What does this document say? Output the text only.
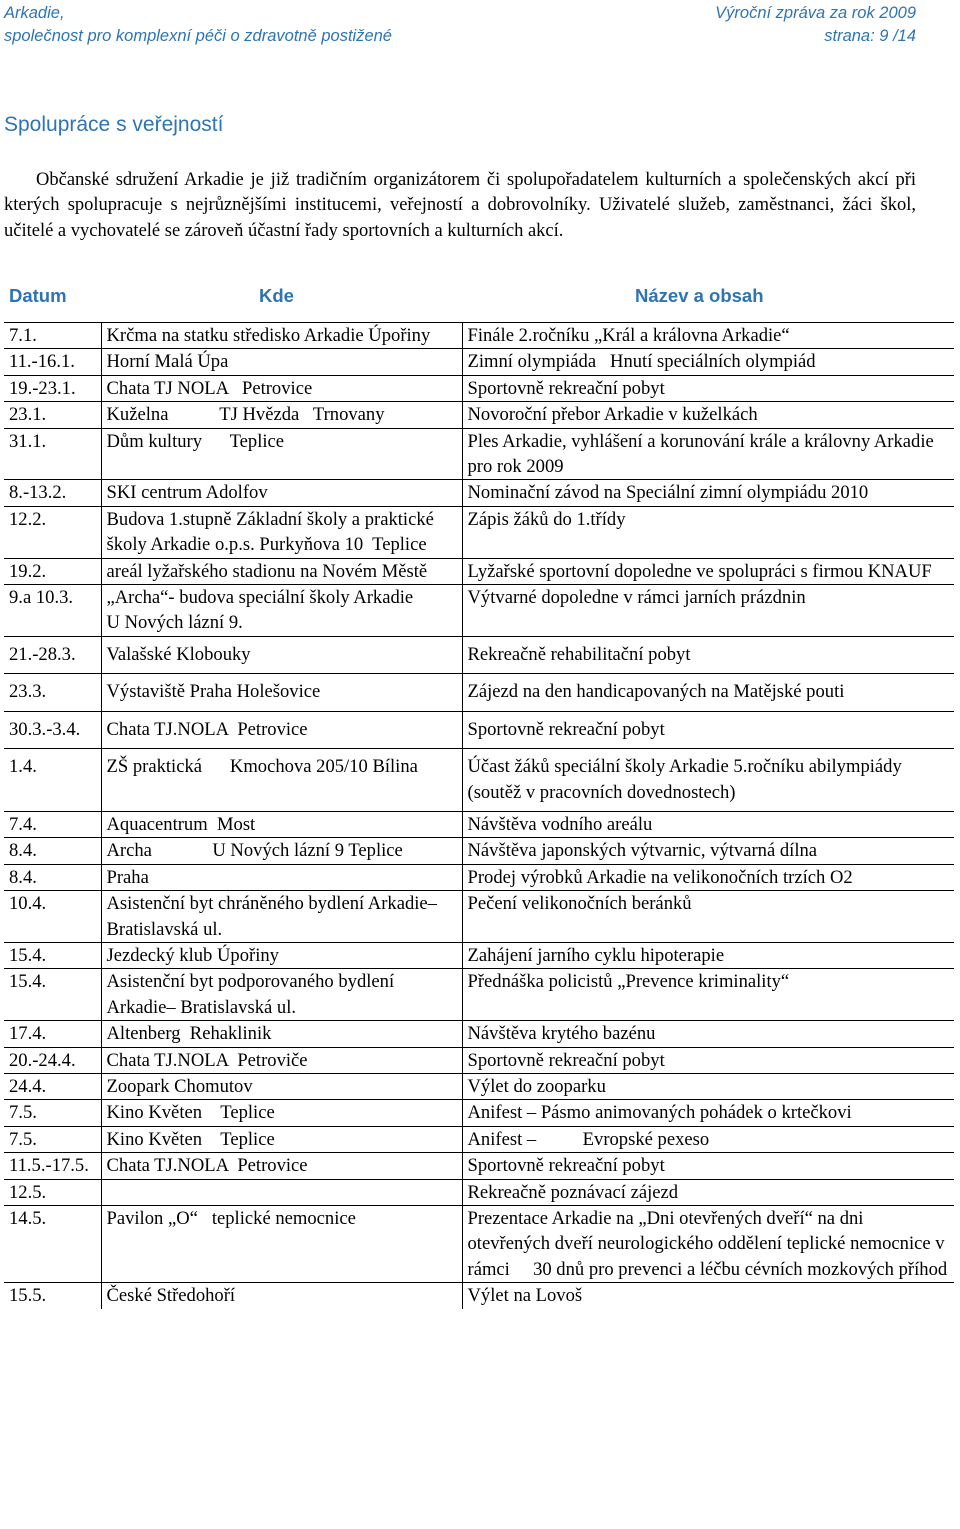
Arkadie,
společnost pro komplexní péči o zdravotně postižené
Výroční zpráva za rok 2009
strana: 9 /14
Spolupráce s veřejností

Občanské sdružení Arkadie je již tradičním organizátorem či spolupořadatelem kulturních a společenských akcí při kterých spolupracuje s nejrůznějšími institucemi, veřejností a dobrovolníky. Uživatelé služeb, zaměstnanci, žáci škol, učitelé a vychovatelé se zároveň účastní řady sportovních a kulturních akcí.

Datum	Kde	Název a obsah
7.1.	Krčma na statku středisko Arkadie Úpořiny	Finále 2.ročníku „Král a královna Arkadie“
11.-16.1.	Horní Malá Úpa	Zimní olympiáda   Hnutí speciálních olympiád
19.-23.1.	Chata TJ NOLA   Petrovice	Sportovně rekreační pobyt
23.1.	Kuželna           TJ Hvězda   Trnovany	Novoroční přebor Arkadie v kuželkách
31.1.	Dům kultury      Teplice	Ples Arkadie, vyhlášení a korunování krále a královny Arkadie pro rok 2009
8.-13.2.	SKI centrum Adolfov	Nominační závod na Speciální zimní olympiádu 2010
12.2.	Budova 1.stupně Základní školy a praktické školy Arkadie o.p.s. Purkyňova 10  Teplice	Zápis žáků do 1.třídy
19.2.	areál lyžařského stadionu na Novém Městě	Lyžařské sportovní dopoledne ve spolupráci s firmou KNAUF
9.a 10.3.	„Archa“- budova speciální školy Arkadie          U Nových lázní 9.	Výtvarné dopoledne v rámci jarních prázdnin
21.-28.3.	Valašské Klobouky	Rekreačně rehabilitační pobyt
23.3.	Výstaviště Praha Holešovice	Zájezd na den handicapovaných na Matějské pouti
30.3.-3.4.	Chata TJ.NOLA  Petrovice	Sportovně rekreační pobyt
1.4.	ZŠ praktická      Kmochova 205/10 Bílina	Účast žáků speciální školy Arkadie 5.ročníku abilympiády (soutěž v pracovních dovednostech)
7.4.	Aquacentrum  Most	Návštěva vodního areálu
8.4.	Archa             U Nových lázní 9 Teplice	Návštěva japonských výtvarnic, výtvarná dílna
8.4.	Praha	Prodej výrobků Arkadie na velikonočních trzích O2
10.4.	Asistenční byt chráněného bydlení Arkadie– Bratislavská ul.	Pečení velikonočních beránků
15.4.	Jezdecký klub Úpořiny	Zahájení jarního cyklu hipoterapie
15.4.	Asistenční byt podporovaného bydlení Arkadie– Bratislavská ul.	Přednáška policistů „Prevence kriminality“
17.4.	Altenberg  Rehaklinik	Návštěva krytého bazénu
20.-24.4.	Chata TJ.NOLA  Petroviče	Sportovně rekreační pobyt
24.4.	Zoopark Chomutov	Výlet do zooparku
7.5.	Kino Květen    Teplice	Anifest – Pásmo animovaných pohádek o krtečkovi
7.5.	Kino Květen    Teplice	Anifest –          Evropské pexeso
11.5.-17.5.	Chata TJ.NOLA  Petrovice	Sportovně rekreační pobyt
12.5.		Rekreačně poznávací zájezd
14.5.	Pavilon „O“   teplické nemocnice	Prezentace Arkadie na „Dni otevřených dveří“ na dni otevřených dveří neurologického oddělení teplické nemocnice v rámci     30 dnů pro prevenci a léčbu cévních mozkových příhod
15.5.	České Středohoří	Výlet na Lovoš
